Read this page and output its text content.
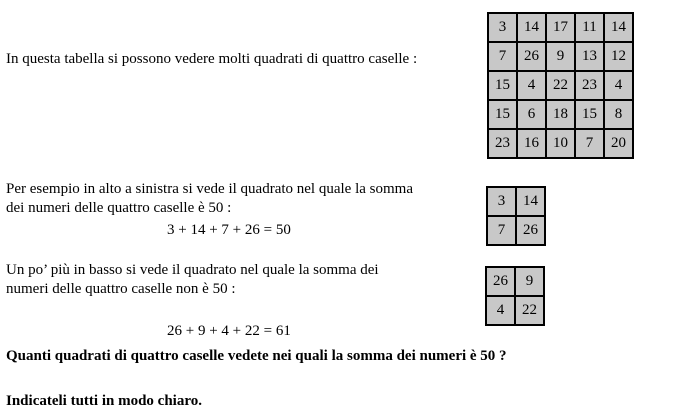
In questa tabella si possono vedere molti quadrati di quattro caselle :
3	14	17	11	14
7	26	9	13	12
15	4	22	23	4
15	6	18	15	8
23	16	10	7	20
Per esempio in alto a sinistra si vede il quadrato nel quale la somma
dei numeri delle quattro caselle è 50 :
3 + 14 + 7 + 26 = 50
3	14
7	26
Un po’ più in basso si vede il quadrato nel quale la somma dei
numeri delle quattro caselle non è 50 :
26 + 9 + 4 + 22 = 61
26	9
4	22
Quanti quadrati di quattro caselle vedete nei quali la somma dei numeri è 50 ?
Indicateli tutti in modo chiaro.
